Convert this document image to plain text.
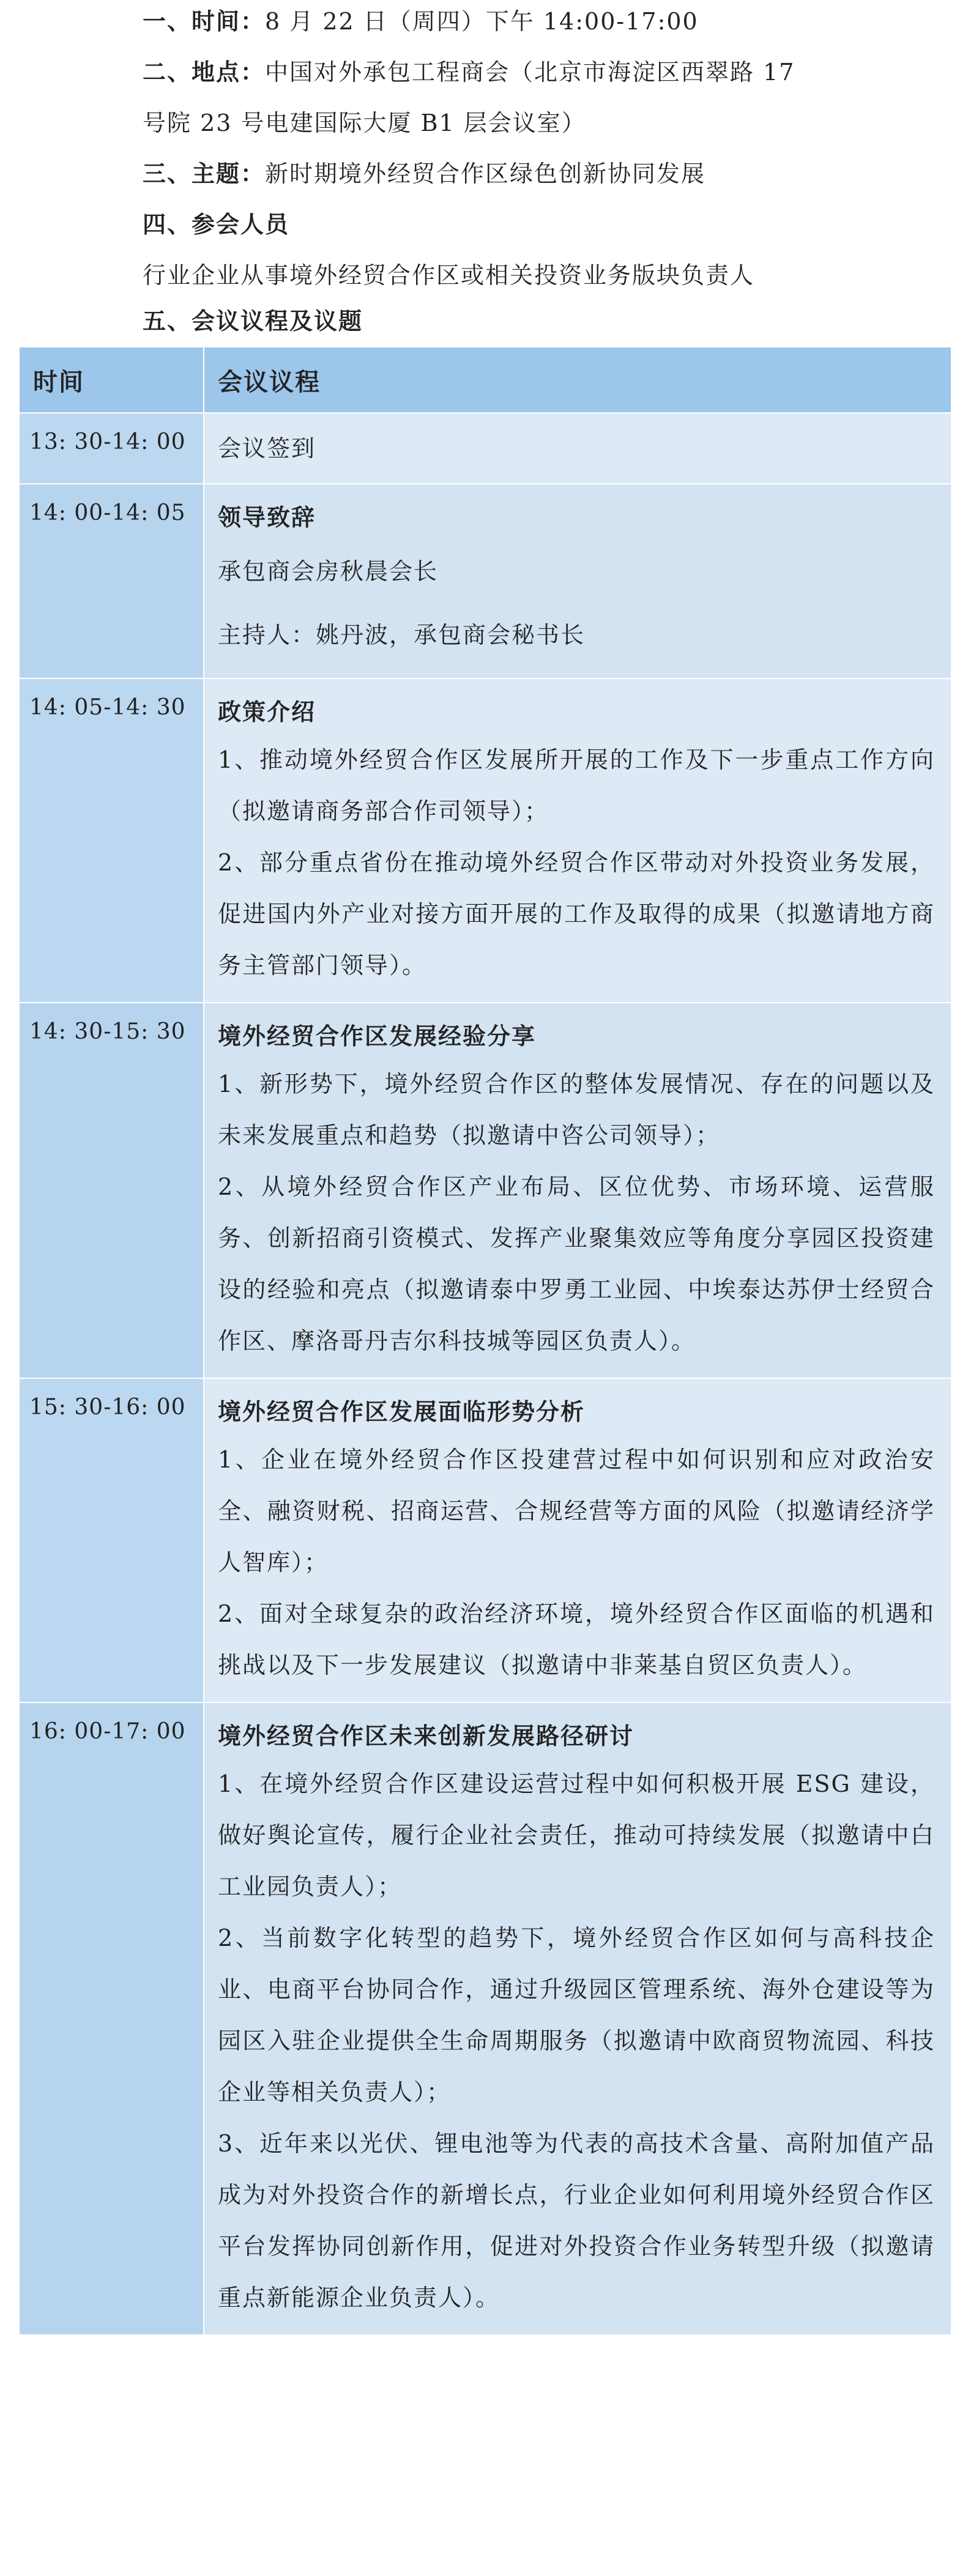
一、时间：8 月 22 日（周四）下午 14:00-17:00
二、地点：中国对外承包工程商会（北京市海淀区西翠路 17
号院 23 号电建国际大厦 B1 层会议室）
三、主题：新时期境外经贸合作区绿色创新协同发展
四、参会人员
行业企业从事境外经贸合作区或相关投资业务版块负责人
五、会议议程及议题
时间	会议议程
13: 30-14: 00	会议签到

14: 00-14: 05	领导致辞
承包商会房秋晨会长
主持人：姚丹波，承包商会秘书长

14: 05-14: 30	政策介绍
1、推动境外经贸合作区发展所开展的工作及下一步重点工作方向（拟邀请商务部合作司领导）；
2、部分重点省份在推动境外经贸合作区带动对外投资业务发展，促进国内外产业对接方面开展的工作及取得的成果（拟邀请地方商务主管部门领导）。

14: 30-15: 30	境外经贸合作区发展经验分享
1、新形势下，境外经贸合作区的整体发展情况、存在的问题以及未来发展重点和趋势（拟邀请中咨公司领导）；
2、从境外经贸合作区产业布局、区位优势、市场环境、运营服务、创新招商引资模式、发挥产业聚集效应等角度分享园区投资建设的经验和亮点（拟邀请泰中罗勇工业园、中埃泰达苏伊士经贸合作区、摩洛哥丹吉尔科技城等园区负责人）。

15: 30-16: 00	境外经贸合作区发展面临形势分析
1、企业在境外经贸合作区投建营过程中如何识别和应对政治安全、融资财税、招商运营、合规经营等方面的风险（拟邀请经济学人智库）；
2、面对全球复杂的政治经济环境，境外经贸合作区面临的机遇和挑战以及下一步发展建议（拟邀请中非莱基自贸区负责人）。

16: 00-17: 00	境外经贸合作区未来创新发展路径研讨
1、在境外经贸合作区建设运营过程中如何积极开展 ESG 建设，做好舆论宣传，履行企业社会责任，推动可持续发展（拟邀请中白工业园负责人）；
2、当前数字化转型的趋势下，境外经贸合作区如何与高科技企业、电商平台协同合作，通过升级园区管理系统、海外仓建设等为园区入驻企业提供全生命周期服务（拟邀请中欧商贸物流园、科技企业等相关负责人）；
3、近年来以光伏、锂电池等为代表的高技术含量、高附加值产品成为对外投资合作的新增长点，行业企业如何利用境外经贸合作区平台发挥协同创新作用，促进对外投资合作业务转型升级（拟邀请重点新能源企业负责人）。
